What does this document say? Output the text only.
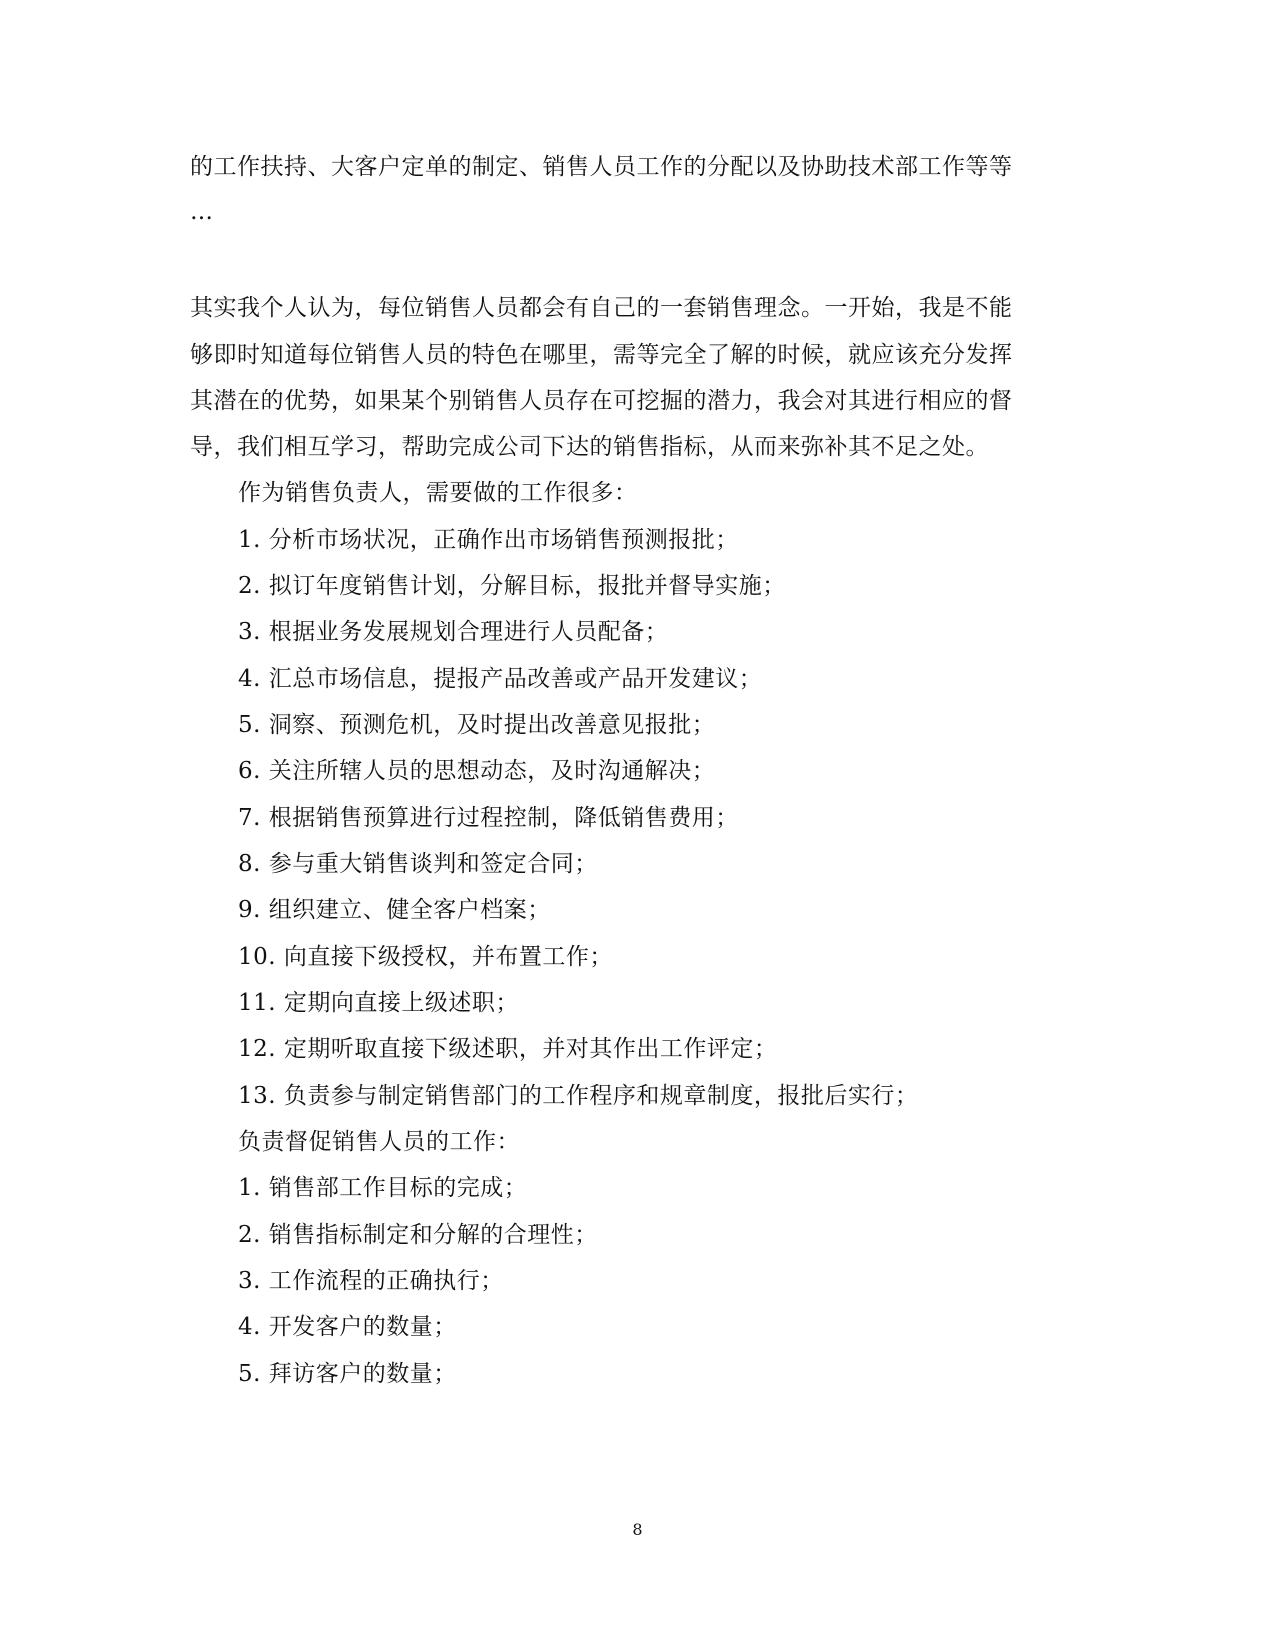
的工作扶持、大客户定单的制定、销售人员工作的分配以及协助技术部工作等等
…
其实我个人认为，每位销售人员都会有自己的一套销售理念。一开始，我是不能
够即时知道每位销售人员的特色在哪里，需等完全了解的时候，就应该充分发挥
其潜在的优势，如果某个别销售人员存在可挖掘的潜力，我会对其进行相应的督
导，我们相互学习，帮助完成公司下达的销售指标，从而来弥补其不足之处。
作为销售负责人，需要做的工作很多：
1. 分析市场状况，正确作出市场销售预测报批；
2. 拟订年度销售计划，分解目标，报批并督导实施；
3. 根据业务发展规划合理进行人员配备；
4. 汇总市场信息，提报产品改善或产品开发建议；
5. 洞察、预测危机，及时提出改善意见报批；
6. 关注所辖人员的思想动态，及时沟通解决；
7. 根据销售预算进行过程控制，降低销售费用；
8. 参与重大销售谈判和签定合同；
9. 组织建立、健全客户档案；
10. 向直接下级授权，并布置工作；
11. 定期向直接上级述职；
12. 定期听取直接下级述职，并对其作出工作评定；
13. 负责参与制定销售部门的工作程序和规章制度，报批后实行；
负责督促销售人员的工作：
1. 销售部工作目标的完成；
2. 销售指标制定和分解的合理性；
3. 工作流程的正确执行；
4. 开发客户的数量；
5. 拜访客户的数量；
8
